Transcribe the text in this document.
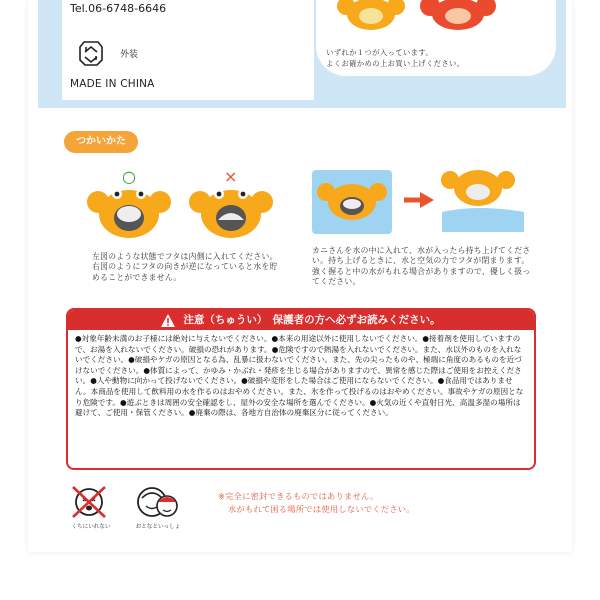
Tel.06-6748-6646
外装
MADE IN CHINA
いずれか１つが入っています。
よくお確かめの上お買い上げください。
つかいかた
○	×
左図のような状態でフタは内側に入れてください。右図のようにフタの向きが逆になっていると水を貯めることができません。
カニさんを水の中に入れて、水が入ったら持ち上げてください。持ち上げるときに、水と空気の力でフタが閉まります。強く握ると中の水がもれる場合がありますので、優しく扱ってください。
注意（ちゅうい）　保護者の方へ必ずお読みください。
●対象年齢未満のお子様には絶対に与えないでください。●本来の用途以外に使用しないでください。●接着剤を使用していますので、お湯を入れないでください。破損の恐れがあります。●危険ですので熱湯を入れないでください。また、水以外のものを入れないでください。●破損やケガの原因となる為、乱暴に扱わないでください。また、先の尖ったものや、極端に角度のあるものを近づけないでください。●体質によって、かゆみ・かぶれ・発疹を生じる場合がありますので、異常を感じた際はご使用をお控えください。●人や動物に向かって投げないでください。●破損や変形をした場合はご使用にならないでください。●食品用ではありません。本商品を使用して飲料用の水を作るのはおやめください。また、氷を作って投げるのはおやめください。事故やケガの原因となり危険です。●遊ぶときは周囲の安全確認をし、屋外の安全な場所を選んでください。●火気の近くや直射日光、高温多湿の場所は避けて、ご使用・保管ください。●廃棄の際は、各地方自治体の廃棄区分に従ってください。
くちにいれない	おとなといっしょ
※完全に密封できるものではありません。
水がもれて困る場所では使用しないでください。
